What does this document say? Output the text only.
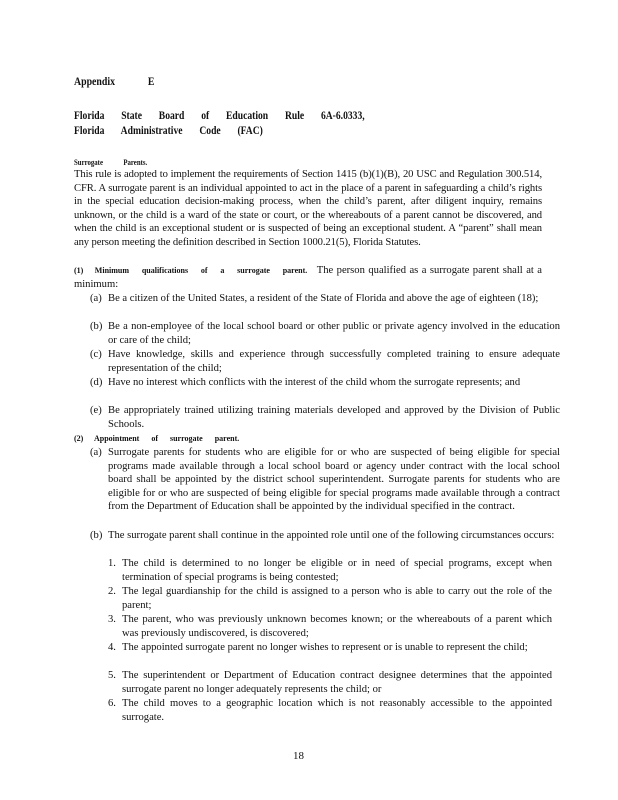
Appendix	E
Florida State Board of Education Rule 6A-6.0333,
Florida Administrative Code (FAC)
Surrogate Parents.
This rule is adopted to implement the requirements of Section 1415 (b)(1)(B), 20 USC and Regulation 300.514, CFR. A surrogate parent is an individual appointed to act in the place of a parent in safeguarding a child’s rights in the special education decision-making process, when the child’s parent, after diligent inquiry, remains unknown, or the child is a ward of the state or court, or the whereabouts of a parent cannot be discovered, and when the child is an exceptional student or is suspected of being an exceptional student. A “parent” shall mean any person meeting the definition described in Section 1000.21(5), Florida Statutes.
(1) Minimum qualifications of a surrogate parent. The person qualified as a surrogate parent shall at a minimum:
(a) Be a citizen of the United States, a resident of the State of Florida and above the age of eighteen (18);
(b) Be a non-employee of the local school board or other public or private agency involved in the education or care of the child;
(c) Have knowledge, skills and experience through successfully completed training to ensure adequate representation of the child;
(d) Have no interest which conflicts with the interest of the child whom the surrogate represents; and
(e) Be appropriately trained utilizing training materials developed and approved by the Division of Public Schools.
(2) Appointment of surrogate parent.
(a) Surrogate parents for students who are eligible for or who are suspected of being eligible for special programs made available through a local school board or agency under contract with the local school board shall be appointed by the district school superintendent. Surrogate parents for students who are eligible for or who are suspected of being eligible for special programs made available through a contract from the Department of Education shall be appointed by the individual specified in the contract.
(b) The surrogate parent shall continue in the appointed role until one of the following circumstances occurs:
1. The child is determined to no longer be eligible or in need of special programs, except when termination of special programs is being contested;
2. The legal guardianship for the child is assigned to a person who is able to carry out the role of the parent;
3. The parent, who was previously unknown becomes known; or the whereabouts of a parent which was previously undiscovered, is discovered;
4. The appointed surrogate parent no longer wishes to represent or is unable to represent the child;
5. The superintendent or Department of Education contract designee determines that the appointed surrogate parent no longer adequately represents the child; or
6. The child moves to a geographic location which is not reasonably accessible to the appointed surrogate.
18
